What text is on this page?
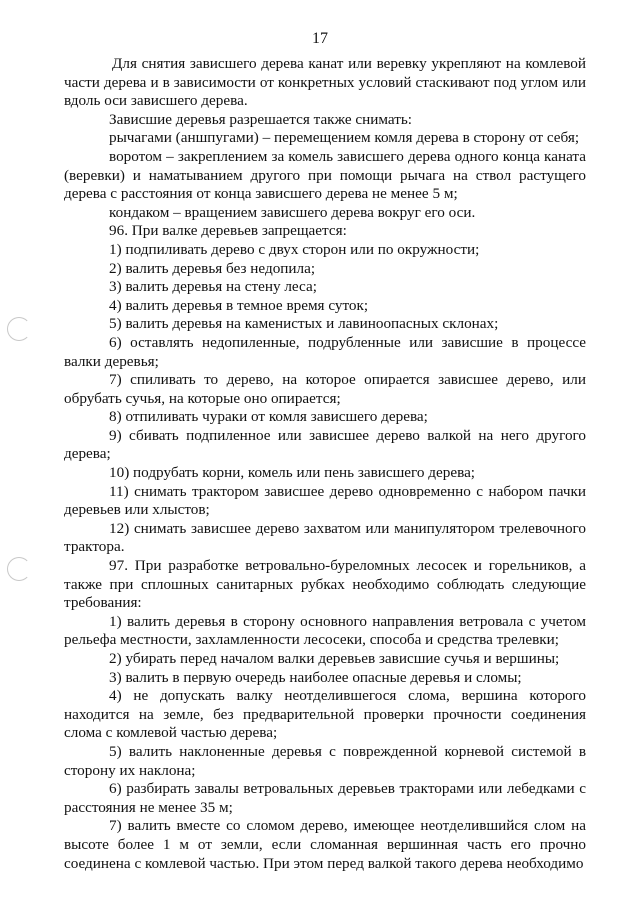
17

Для снятия зависшего дерева канат или веревку укрепляют на комлевой части дерева и в зависимости от конкретных условий стаскивают под углом или вдоль оси зависшего дерева.

Зависшие деревья разрешается также снимать:

рычагами (аншпугами) – перемещением комля дерева в сторону от себя;

воротом – закреплением за комель зависшего дерева одного конца каната (веревки) и наматыванием другого при помощи рычага на ствол растущего дерева с расстояния от конца зависшего дерева не менее 5 м;

кондаком – вращением зависшего дерева вокруг его оси.

96. При валке деревьев запрещается:

1) подпиливать дерево с двух сторон или по окружности;

2) валить деревья без недопила;

3) валить деревья на стену леса;

4) валить деревья в темное время суток;

5) валить деревья на каменистых и лавиноопасных склонах;

6) оставлять недопиленные, подрубленные или зависшие в процессе валки деревья;

7) спиливать то дерево, на которое опирается зависшее дерево, или обрубать сучья, на которые оно опирается;

8) отпиливать чураки от комля зависшего дерева;

9) сбивать подпиленное или зависшее дерево валкой на него другого дерева;

10) подрубать корни, комель или пень зависшего дерева;

11) снимать трактором зависшее дерево одновременно с набором пачки деревьев или хлыстов;

12) снимать зависшее дерево захватом или манипулятором трелевочного трактора.

97. При разработке ветровально-буреломных лесосек и горельников, а также при сплошных санитарных рубках необходимо соблюдать следующие требования:

1) валить деревья в сторону основного направления ветровала с учетом рельефа местности, захламленности лесосеки, способа и средства трелевки;

2) убирать перед началом валки деревьев зависшие сучья и вершины;

3) валить в первую очередь наиболее опасные деревья и сломы;

4) не допускать валку неотделившегося слома, вершина которого находится на земле, без предварительной проверки прочности соединения слома с комлевой частью дерева;

5) валить наклоненные деревья с поврежденной корневой системой в сторону их наклона;

6) разбирать завалы ветровальных деревьев тракторами или лебедками с расстояния не менее 35 м;

7) валить вместе со сломом дерево, имеющее неотделившийся слом на высоте более 1 м от земли, если сломанная вершинная часть его прочно соединена с комлевой частью. При этом перед валкой такого дерева необходимо
